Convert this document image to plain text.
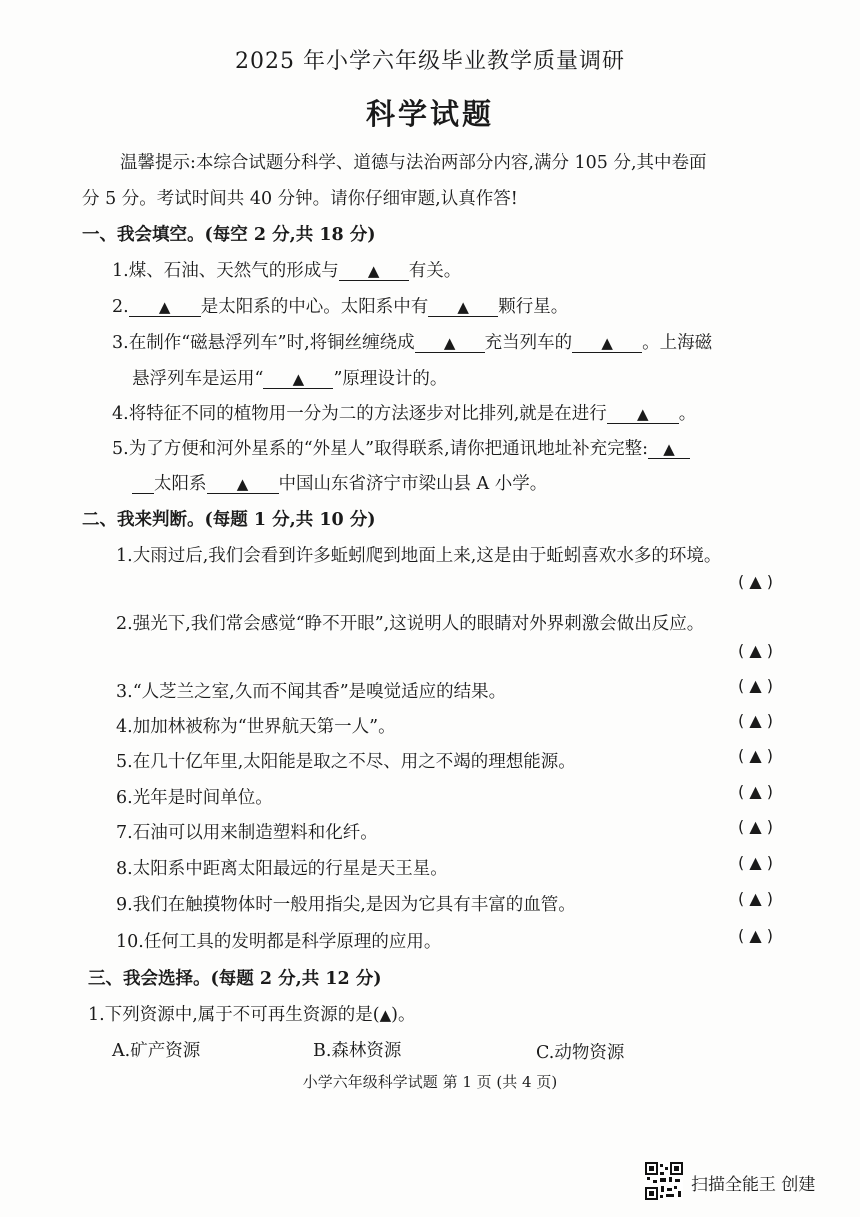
2025 年小学六年级毕业教学质量调研
科学试题
温馨提示:本综合试题分科学、道德与法治两部分内容,满分 105 分,其中卷面
分 5 分。考试时间共 40 分钟。请你仔细审题,认真作答!
一、我会填空。(每空 2 分,共 18 分)
1.煤、石油、天然气的形成与 ▲ 有关。
2. ▲ 是太阳系的中心。太阳系中有 ▲ 颗行星。
3.在制作“磁悬浮列车”时,将铜丝缠绕成 ▲ 充当列车的 ▲ 。上海磁
悬浮列车是运用“ ▲ ”原理设计的。
4.将特征不同的植物用一分为二的方法逐步对比排列,就是在进行 ▲ 。
5.为了方便和河外星系的“外星人”取得联系,请你把通讯地址补充完整: ▲
太阳系 ▲ 中国山东省济宁市梁山县 A 小学。
二、我来判断。(每题 1 分,共 10 分)
1.大雨过后,我们会看到许多蚯蚓爬到地面上来,这是由于蚯蚓喜欢水多的环境。
( ▲ )
2.强光下,我们常会感觉“睁不开眼”,这说明人的眼睛对外界刺激会做出反应。
( ▲ )
3.“人芝兰之室,久而不闻其香”是嗅觉适应的结果。	( ▲ )
4.加加林被称为“世界航天第一人”。	( ▲ )
5.在几十亿年里,太阳能是取之不尽、用之不竭的理想能源。	( ▲ )
6.光年是时间单位。	( ▲ )
7.石油可以用来制造塑料和化纤。	( ▲ )
8.太阳系中距离太阳最远的行星是天王星。	( ▲ )
9.我们在触摸物体时一般用指尖,是因为它具有丰富的血管。	( ▲ )
10.任何工具的发明都是科学原理的应用。	( ▲ )
三、我会选择。(每题 2 分,共 12 分)
1.下列资源中,属于不可再生资源的是(▲)。
A.矿产资源	B.森林资源	C.动物资源
小学六年级科学试题 第 1 页 (共 4 页)
扫描全能王 创建
